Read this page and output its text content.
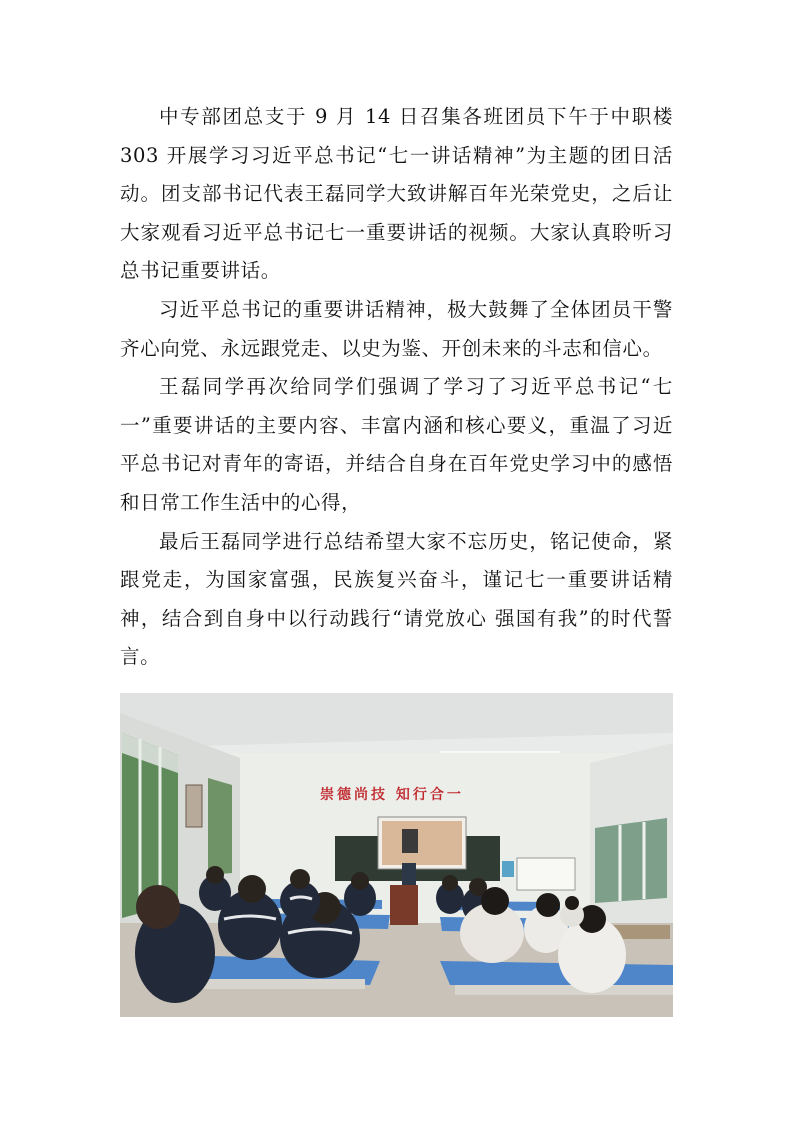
中专部团总支于 9 月 14 日召集各班团员下午于中职楼 303 开展学习习近平总书记“七一讲话精神”为主题的团日活动。团支部书记代表王磊同学大致讲解百年光荣党史，之后让大家观看习近平总书记七一重要讲话的视频。大家认真聆听习总书记重要讲话。

习近平总书记的重要讲话精神，极大鼓舞了全体团员干警齐心向党、永远跟党走、以史为鉴、开创未来的斗志和信心。

王磊同学再次给同学们强调了学习了习近平总书记“七一”重要讲话的主要内容、丰富内涵和核心要义，重温了习近平总书记对青年的寄语，并结合自身在百年党史学习中的感悟和日常工作生活中的心得，

最后王磊同学进行总结希望大家不忘历史，铭记使命，紧跟党走，为国家富强，民族复兴奋斗，谨记七一重要讲话精神，结合到自身中以行动践行“请党放心 强国有我”的时代誓言。

崇德尚技 知行合一
